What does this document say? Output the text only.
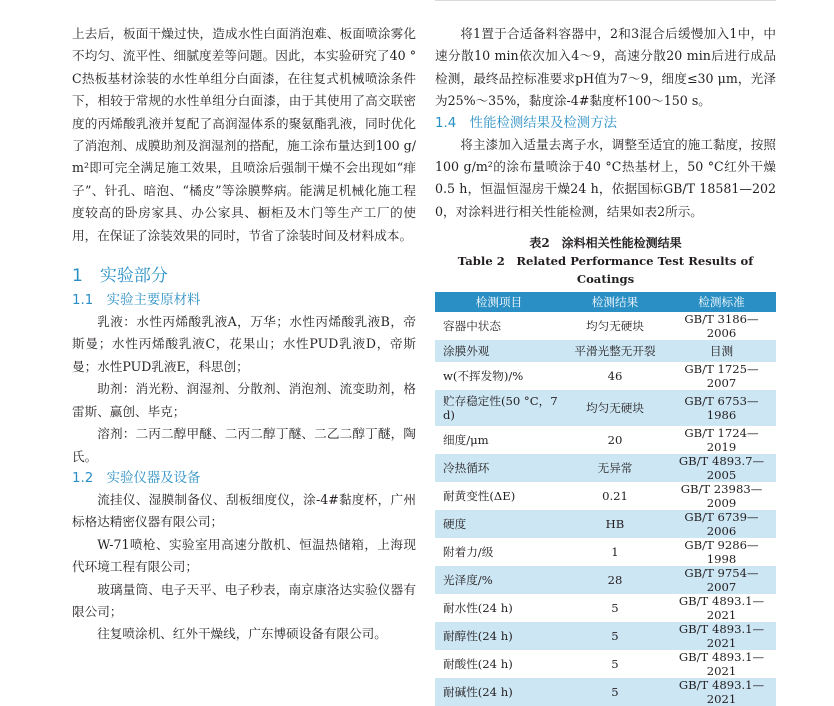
上去后，板面干燥过快，造成水性白面消泡难、板面喷涂雾化不均匀、流平性、细腻度差等问题。因此，本实验研究了40 °C热板基材涂装的水性单组分白面漆，在往复式机械喷涂条件下，相较于常规的水性单组分白面漆，由于其使用了高交联密度的丙烯酸乳液并复配了高润湿体系的聚氨酯乳液，同时优化了消泡剂、成膜助剂及润湿剂的搭配，施工涂布量达到100 g/m²即可完全满足施工效果，且喷涂后强制干燥不会出现如“痱子”、针孔、暗泡、“橘皮”等涂膜弊病。能满足机械化施工程度较高的卧房家具、办公家具、橱柜及木门等生产工厂的使用，在保证了涂装效果的同时，节省了涂装时间及材料成本。

1　实验部分
1.1　实验主要原材料

乳液：水性丙烯酸乳液A，万华；水性丙烯酸乳液B，帝斯曼；水性丙烯酸乳液C，花果山；水性PUD乳液D，帝斯曼；水性PUD乳液E，科思创；

助剂：消光粉、润湿剂、分散剂、消泡剂、流变助剂，格雷斯、赢创、毕克；

溶剂：二丙二醇甲醚、二丙二醇丁醚、二乙二醇丁醚，陶氏。

1.2　实验仪器及设备

流挂仪、湿膜制备仪、刮板细度仪，涂-4#黏度杯，广州标格达精密仪器有限公司；

W-71喷枪、实验室用高速分散机、恒温热储箱，上海现代环境工程有限公司；

玻璃量筒、电子天平、电子秒表，南京康洛达实验仪器有限公司；

往复喷涂机、红外干燥线，广东博硕设备有限公司。

将1置于合适备料容器中，2和3混合后缓慢加入1中，中速分散10 min依次加入4～9，高速分散20 min后进行成品检测，最终品控标准要求pH值为7～9，细度≤30 μm，光泽为25%～35%，黏度涂-4#黏度杯100～150 s。

1.4　性能检测结果及检测方法

将主漆加入适量去离子水，调整至适宜的施工黏度，按照100 g/m²的涂布量喷涂于40 °C热基材上，50 °C红外干燥0.5 h，恒温恒湿房干燥24 h，依据国标GB/T 18581—2020，对涂料进行相关性能检测，结果如表2所示。

表2　涂料相关性能检测结果

Table 2　Related Performance Test Results of Coatings

检测项目	检测结果	检测标准
容器中状态	均匀无硬块	GB/T 3186—2006
涂膜外观	平滑光整无开裂	目测
w(不挥发物)/%	46	GB/T 1725—2007
贮存稳定性(50 °C，7 d)	均匀无硬块	GB/T 6753—1986
细度/μm	20	GB/T 1724—2019
冷热循环	无异常	GB/T 4893.7—2005
耐黄变性(ΔE)	0.21	GB/T 23983—2009
硬度	HB	GB/T 6739—2006
附着力/级	1	GB/T 9286—1998
光泽度/%	28	GB/T 9754—2007
耐水性(24 h)	5	GB/T 4893.1—2021
耐醇性(24 h)	5	GB/T 4893.1—2021
耐酸性(24 h)	5	GB/T 4893.1—2021
耐碱性(24 h)	5	GB/T 4893.1—2021
